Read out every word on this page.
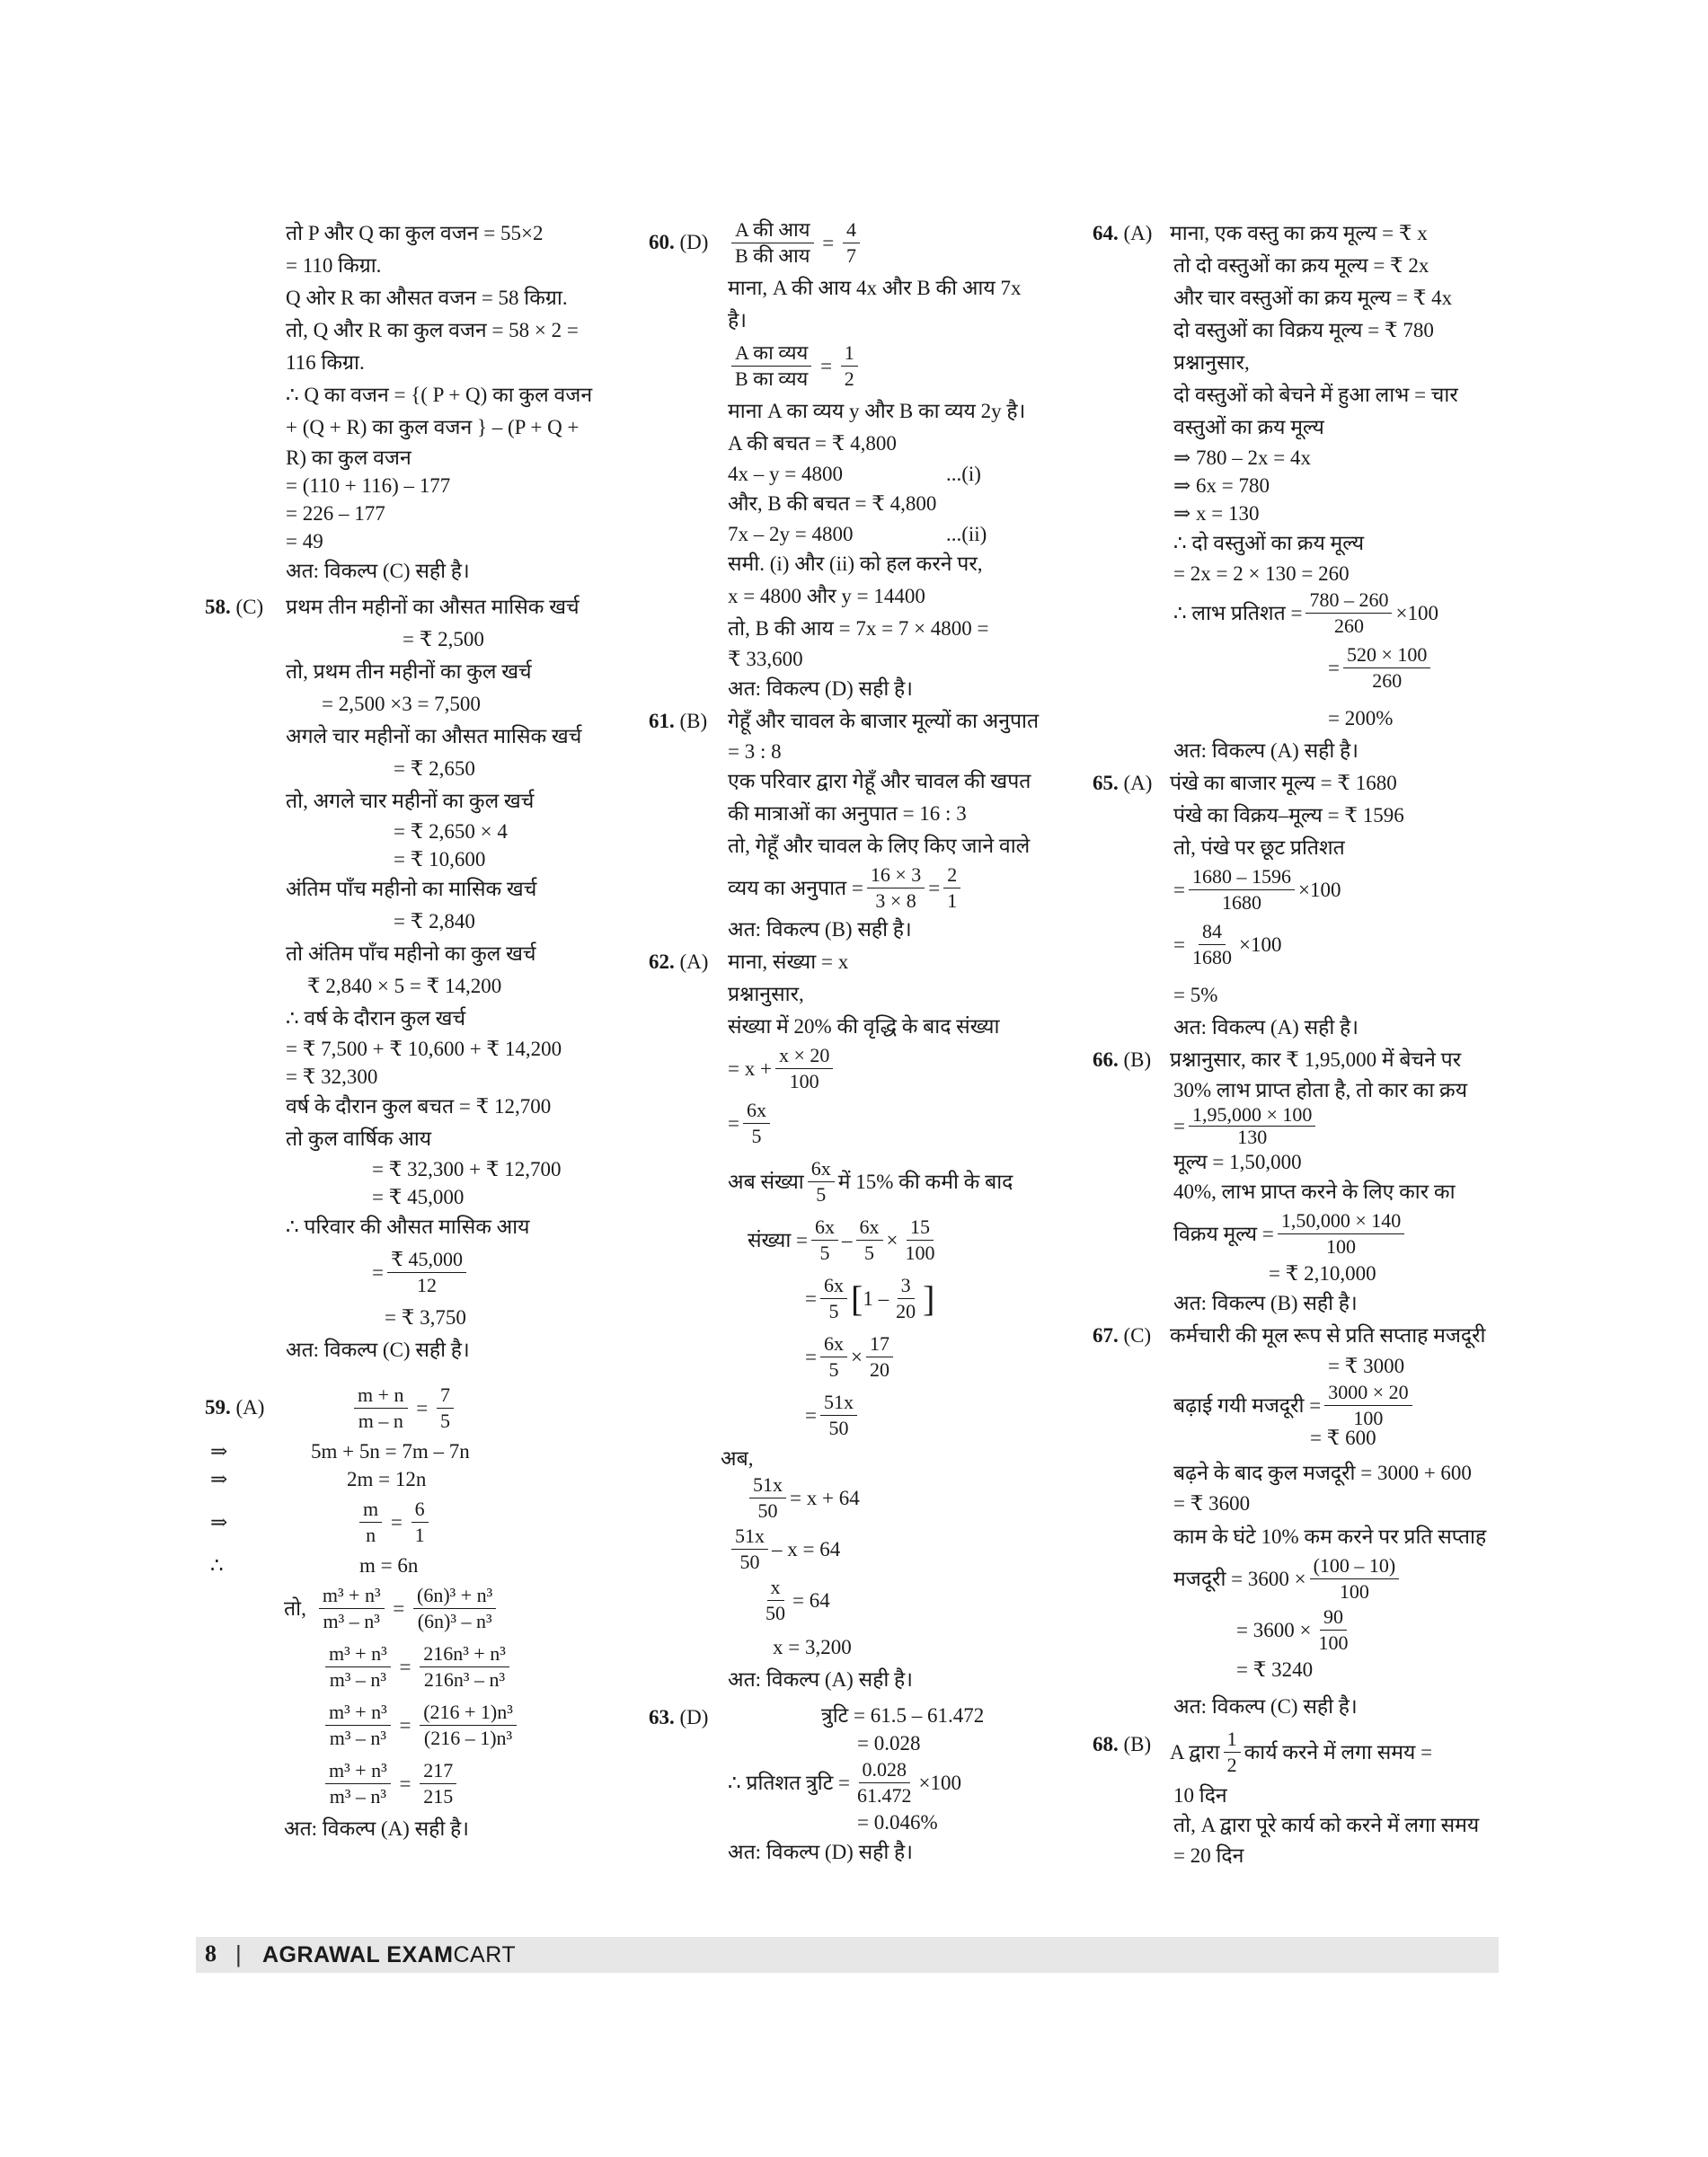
तो P और Q का कुल वजन = 55×2
= 110 किग्रा.
Q ओर R का औसत वजन = 58 किग्रा.
तो, Q और R का कुल वजन = 58 × 2 =
116 किग्रा.
∴ Q का वजन = {( P + Q) का कुल वजन
+ (Q + R) का कुल वजन } – (P + Q +
R) का कुल वजन
= (110 + 116) – 177
= 226 – 177
= 49
अत: विकल्प (C) सही है।
58. (C) प्रथम तीन महीनों का औसत मासिक खर्च
= ₹ 2,500
तो, प्रथम तीन महीनों का कुल खर्च
= 2,500 ×3 = 7,500
अगले चार महीनों का औसत मासिक खर्च
= ₹ 2,650
तो, अगले चार महीनों का कुल खर्च
= ₹ 2,650 × 4
= ₹ 10,600
अंतिम पाँच महीनो का मासिक खर्च
= ₹ 2,840
तो अंतिम पाँच महीनो का कुल खर्च
₹ 2,840 × 5 = ₹ 14,200
∴ वर्ष के दौरान कुल खर्च
= ₹ 7,500 + ₹ 10,600 + ₹ 14,200
= ₹ 32,300
वर्ष के दौरान कुल बचत = ₹ 12,700
तो कुल वार्षिक आय
= ₹ 32,300 + ₹ 12,700
= ₹ 45,000
∴ परिवार की औसत मासिक आय
= $\frac{₹ 45,000}{12}$
= ₹ 3,750
अत: विकल्प (C) सही है।
59. (A)	$\frac{m + n}{m - n} = \frac{7}{5}$
⇒	5m + 5n = 7m – 7n
⇒	2m = 12n
⇒	$\frac{m}{n} = \frac{6}{1}$
∴	m = 6n
तो, $\frac{\text{m³ + n³}}{\text{m³ – n³}} = \frac{\text{(6n)³ + n³}}{\text{(6n)³ – n³}}$
$\frac{\text{m³ + n³}}{\text{m³ – n³}} = \frac{\text{216n³ + n³}}{\text{216n³ – n³}}$
$\frac{\text{m³ + n³}}{\text{m³ – n³}} = \frac{\text{(216 + 1)n³}}{\text{(216 – 1)n³}}$
$\frac{\text{m³ + n³}}{\text{m³ – n³}} = \frac{217}{215}$
अत: विकल्प (A) सही है।
60. $(D) \frac{\text{A की आय}}{\text{B की आय}} = \frac{4}{7}$
माना, A की आय 4x और B की आय 7x
है।
$\frac{\text{A का व्यय}}{\text{B का व्यय}} = \frac{1}{2}$
माना A का व्यय y और B का व्यय 2y है।
A की बचत = ₹ 4,800
4x – y = 4800                    ...(i)
और, B की बचत = ₹ 4,800
7x – 2y = 4800                  ...(ii)
समी. (i) और (ii) को हल करने पर,
x = 4800 और y = 14400
तो, B की आय = 7x = 7 × 4800 =
₹ 33,600
अत: विकल्प (D) सही है।
61. (B) गेहूँ और चावल के बाजार मूल्यों का अनुपात
= 3 : 8
एक परिवार द्वारा गेहूँ और चावल की खपत
की मात्राओं का अनुपात = 16 : 3
तो, गेहूँ और चावल के लिए किए जाने वाले
व्यय का अनुपात = $\frac{16 \times 3}{3 \times 8} = \frac{2}{1}$
अत: विकल्प (B) सही है।
62. (A) माना, संख्या = x
प्रश्नानुसार,
संख्या में 20% की वृद्धि के बाद संख्या
= $x + \frac{x \times 20}{100}$
= $\frac{6x}{5}$
अब संख्या $\frac{6x}{5}$ में 15% की कमी के बाद
संख्या = $\frac{6x}{5} - \frac{6x}{5} \times \frac{15}{100}$
= $\frac{6x}{5}$ [ $1 - \frac{3}{20}$ ]
= $\frac{6x}{5} \times \frac{17}{20}$
= $\frac{51x}{50}$
अब,
$\frac{51x}{50} = x + 64$
$\frac{51x}{50} - x = 64$
$\frac{x}{50} = 64$
x = 3,200
अत: विकल्प (A) सही है।
63. (D)	त्रुटि = 61.5 – 61.472
= 0.028
∴ प्रतिशत त्रुटि = $\frac{0.028}{61.472} \times 100$
= 0.046%
अत: विकल्प (D) सही है।
64. (A) माना, एक वस्तु का क्रय मूल्य = ₹ x
तो दो वस्तुओं का क्रय मूल्य = ₹ 2x
और चार वस्तुओं का क्रय मूल्य = ₹ 4x
दो वस्तुओं का विक्रय मूल्य = ₹ 780
प्रश्नानुसार,
दो वस्तुओं को बेचने में हुआ लाभ = चार
वस्तुओं का क्रय मूल्य
⇒ 780 – 2x = 4x
⇒ 6x = 780
⇒ x = 130
∴ दो वस्तुओं का क्रय मूल्य
= 2x = 2 × 130 = 260
∴ लाभ प्रतिशत = $\frac{780 - 260}{260} \times 100$
= $\frac{520 \times 100}{260}$
= 200%
अत: विकल्प (A) सही है।
65. (A) पंखे का बाजार मूल्य = ₹ 1680
पंखे का विक्रय–मूल्य = ₹ 1596
तो, पंखे पर छूट प्रतिशत
= $\frac{1680 - 1596}{1680} \times 100$
= $\frac{84}{1680} \times 100$
= 5%
अत: विकल्प (A) सही है।
66. (B) प्रश्नानुसार, कार ₹ 1,95,000 में बेचने पर
30% लाभ प्राप्त होता है, तो कार का क्रय
= $\frac{1,95,000 \times 100}{130}$
मूल्य = 1,50,000
40%, लाभ प्राप्त करने के लिए कार का
विक्रय मूल्य = $\frac{1,50,000 \times 140}{100}$
= ₹ 2,10,000
अत: विकल्प (B) सही है।
67. (C) कर्मचारी की मूल रूप से प्रति सप्ताह मजदूरी
= ₹ 3000
बढ़ाई गयी मजदूरी = $\frac{3000 \times 20}{100}$
= ₹ 600
बढ़ने के बाद कुल मजदूरी = 3000 + 600
= ₹ 3600
काम के घंटे 10% कम करने पर प्रति सप्ताह
मजदूरी = $3600 \times \frac{(100 - 10)}{100}$
= $3600 \times \frac{90}{100}$
= ₹ 3240
अत: विकल्प (C) सही है।
68. (B) A द्वारा $\frac{1}{2}$ कार्य करने में लगा समय =
10 दिन
तो, A द्वारा पूरे कार्य को करने में लगा समय
= 20 दिन
8 | AGRAWAL EXAMCART
